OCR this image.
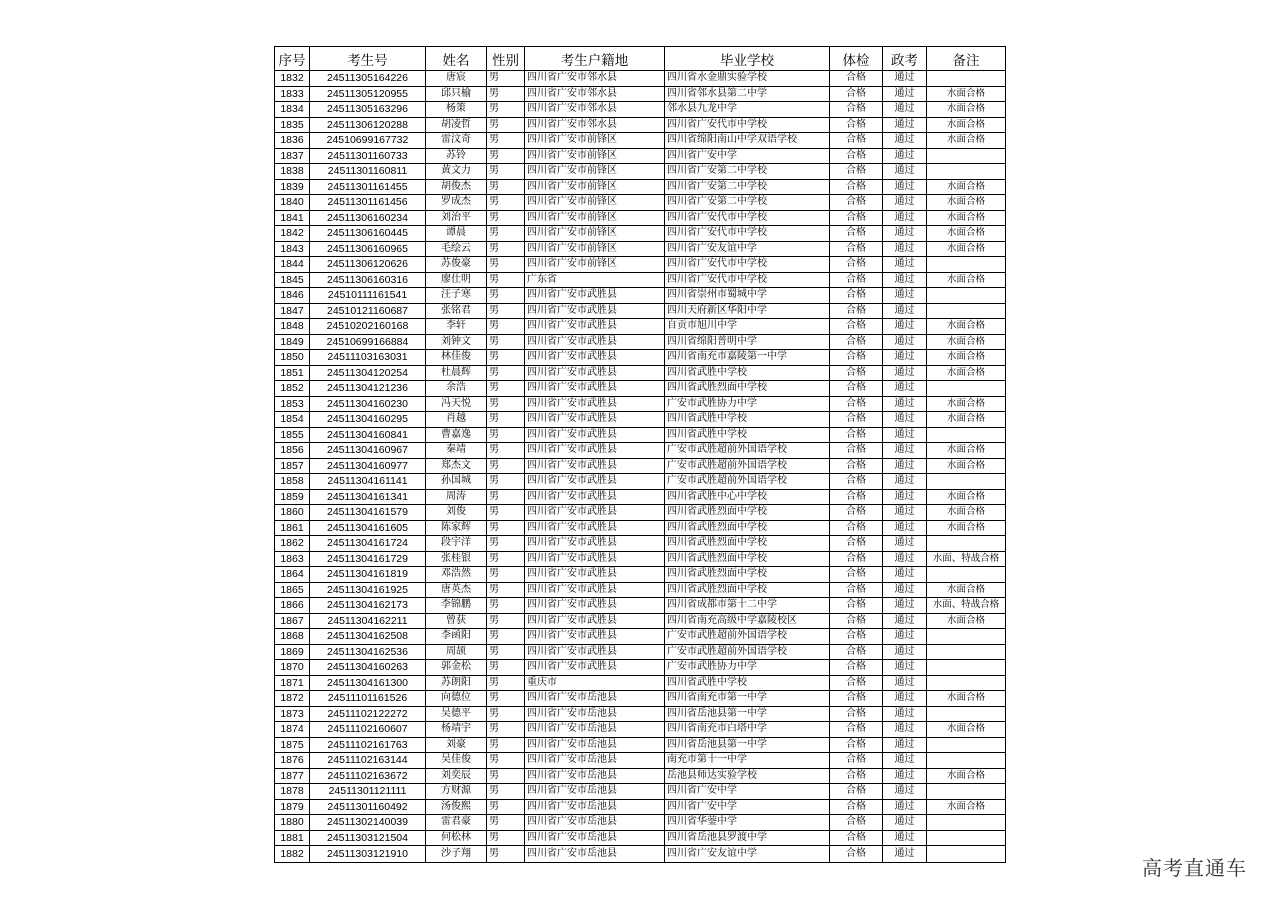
序号	考生号	姓名	性别	考生户籍地	毕业学校	体检	政考	备注
1832	24511305164226	唐宸	男	四川省广安市邻水县	四川省水金鼎实验学校	合格	通过	
1833	24511305120955	邱只榆	男	四川省广安市邻水县	四川省邻水县第二中学	合格	通过	水面合格
1834	24511305163296	杨策	男	四川省广安市邻水县	邻水县九龙中学	合格	通过	水面合格
1835	24511306120288	胡凌哲	男	四川省广安市邻水县	四川省广安代市中学校	合格	通过	水面合格
1836	24510699167732	雷汶奇	男	四川省广安市前锋区	四川省绵阳南山中学双语学校	合格	通过	水面合格
1837	24511301160733	苏铃	男	四川省广安市前锋区	四川省广安中学	合格	通过	
1838	24511301160811	黄文力	男	四川省广安市前锋区	四川省广安第二中学校	合格	通过	
1839	24511301161455	胡俊杰	男	四川省广安市前锋区	四川省广安第二中学校	合格	通过	水面合格
1840	24511301161456	罗成杰	男	四川省广安市前锋区	四川省广安第二中学校	合格	通过	水面合格
1841	24511306160234	刘治平	男	四川省广安市前锋区	四川省广安代市中学校	合格	通过	水面合格
1842	24511306160445	谭晨	男	四川省广安市前锋区	四川省广安代市中学校	合格	通过	水面合格
1843	24511306160965	毛绘云	男	四川省广安市前锋区	四川省广安友谊中学	合格	通过	水面合格
1844	24511306120626	苏俊豪	男	四川省广安市前锋区	四川省广安代市中学校	合格	通过	
1845	24511306160316	廖仕明	男	广东省	四川省广安代市中学校	合格	通过	水面合格
1846	24510111161541	汪子寒	男	四川省广安市武胜县	四川省崇州市蜀城中学	合格	通过	
1847	24510121160687	张铭君	男	四川省广安市武胜县	四川天府新区华阳中学	合格	通过	
1848	24510202160168	李轩	男	四川省广安市武胜县	自贡市旭川中学	合格	通过	水面合格
1849	24510699166884	刘钟文	男	四川省广安市武胜县	四川省绵阳普明中学	合格	通过	水面合格
1850	24511103163031	林佳俊	男	四川省广安市武胜县	四川省南充市嘉陵第一中学	合格	通过	水面合格
1851	24511304120254	杜晨辉	男	四川省广安市武胜县	四川省武胜中学校	合格	通过	水面合格
1852	24511304121236	余浩	男	四川省广安市武胜县	四川省武胜烈面中学校	合格	通过	
1853	24511304160230	冯天悦	男	四川省广安市武胜县	广安市武胜协力中学	合格	通过	水面合格
1854	24511304160295	肖越	男	四川省广安市武胜县	四川省武胜中学校	合格	通过	水面合格
1855	24511304160841	曹嘉逸	男	四川省广安市武胜县	四川省武胜中学校	合格	通过	
1856	24511304160967	秦靖	男	四川省广安市武胜县	广安市武胜超前外国语学校	合格	通过	水面合格
1857	24511304160977	郑杰文	男	四川省广安市武胜县	广安市武胜超前外国语学校	合格	通过	水面合格
1858	24511304161141	孙国城	男	四川省广安市武胜县	广安市武胜超前外国语学校	合格	通过	
1859	24511304161341	周涛	男	四川省广安市武胜县	四川省武胜中心中学校	合格	通过	水面合格
1860	24511304161579	刘俊	男	四川省广安市武胜县	四川省武胜烈面中学校	合格	通过	水面合格
1861	24511304161605	陈家辉	男	四川省广安市武胜县	四川省武胜烈面中学校	合格	通过	水面合格
1862	24511304161724	段宇洋	男	四川省广安市武胜县	四川省武胜烈面中学校	合格	通过	
1863	24511304161729	张桂银	男	四川省广安市武胜县	四川省武胜烈面中学校	合格	通过	水面、特战合格
1864	24511304161819	邓浩然	男	四川省广安市武胜县	四川省武胜烈面中学校	合格	通过	
1865	24511304161925	唐英杰	男	四川省广安市武胜县	四川省武胜烈面中学校	合格	通过	水面合格
1866	24511304162173	李锦鹏	男	四川省广安市武胜县	四川省成都市第十二中学	合格	通过	水面、特战合格
1867	24511304162211	曾获	男	四川省广安市武胜县	四川省南充高级中学嘉陵校区	合格	通过	水面合格
1868	24511304162508	李函阳	男	四川省广安市武胜县	广安市武胜超前外国语学校	合格	通过	
1869	24511304162536	周颉	男	四川省广安市武胜县	广安市武胜超前外国语学校	合格	通过	
1870	24511304160263	郭金松	男	四川省广安市武胜县	广安市武胜协力中学	合格	通过	
1871	24511304161300	苏朗阳	男	重庆市	四川省武胜中学校	合格	通过	
1872	24511101161526	向德位	男	四川省广安市岳池县	四川省南充市第一中学	合格	通过	水面合格
1873	24511102122272	吴德平	男	四川省广安市岳池县	四川省岳池县第一中学	合格	通过	
1874	24511102160607	杨靖宇	男	四川省广安市岳池县	四川省南充市白塔中学	合格	通过	水面合格
1875	24511102161763	刘豪	男	四川省广安市岳池县	四川省岳池县第一中学	合格	通过	
1876	24511102163144	吴佳俊	男	四川省广安市岳池县	南充市第十一中学	合格	通过	
1877	24511102163672	刘奕辰	男	四川省广安市岳池县	岳池县师达实验学校	合格	通过	水面合格
1878	24511301121111	方财源	男	四川省广安市岳池县	四川省广安中学	合格	通过	
1879	24511301160492	汤俊熙	男	四川省广安市岳池县	四川省广安中学	合格	通过	水面合格
1880	24511302140039	雷君豪	男	四川省广安市岳池县	四川省华蓥中学	合格	通过	
1881	24511303121504	何松林	男	四川省广安市岳池县	四川省岳池县罗渡中学	合格	通过	
1882	24511303121910	沙子翔	男	四川省广安市岳池县	四川省广安友谊中学	合格	通过	
高考直通车
